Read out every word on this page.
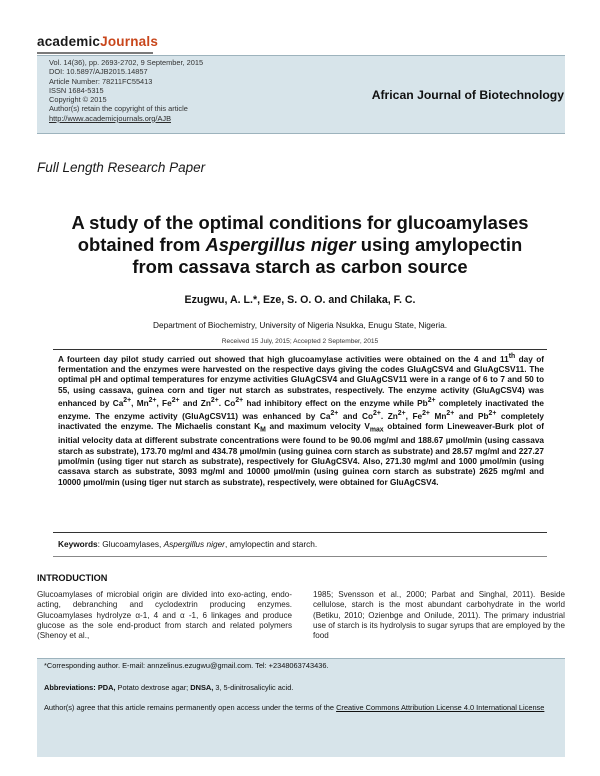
academicJournals
Vol. 14(36), pp. 2693-2702, 9 September, 2015
DOI: 10.5897/AJB2015.14857
Article Number: 78211FC55413
ISSN 1684-5315
Copyright © 2015
Author(s) retain the copyright of this article
http://www.academicjournals.org/AJB
African Journal of Biotechnology
Full Length Research Paper
A study of the optimal conditions for glucoamylases
obtained from Aspergillus niger using amylopectin
from cassava starch as carbon source
Ezugwu, A. L.*, Eze, S. O. O. and Chilaka, F. C.
Department of Biochemistry, University of Nigeria Nsukka, Enugu State, Nigeria.
Received 15 July, 2015; Accepted 2 September, 2015
A fourteen day pilot study carried out showed that high glucoamylase activities were obtained on the 4 and 11th day of fermentation and the enzymes were harvested on the respective days giving the codes GluAgCSV4 and GluAgCSV11. The optimal pH and optimal temperatures for enzyme activities GluAgCSV4 and GluAgCSV11 were in a range of 6 to 7 and 50 to 55, using cassava, guinea corn and tiger nut starch as substrates, respectively. The enzyme activity (GluAgCSV4) was enhanced by $Ca^{2+}$, $Mn^{2+}$, $Fe^{2+}$ and $Zn^{2+}$. $Co^{2+}$ had inhibitory effect on the enzyme while $Pb^{2+}$ completely inactivated the enzyme. The enzyme activity (GluAgCSV11) was enhanced by $Ca^{2+}$ and $Co^{2+}$. $Zn^{2+}$, $Fe^{2+}$ $Mn^{2+}$ and $Pb^{2+}$ completely inactivated the enzyme. The Michaelis constant $K_M$ and maximum velocity $V_{max}$ obtained form Lineweaver-Burk plot of initial velocity data at different substrate concentrations were found to be 90.06 mg/ml and 188.67 µmol/min (using cassava starch as substrate), 173.70 mg/ml and 434.78 µmol/min (using guinea corn starch as substrate) and 28.57 mg/ml and 227.27 µmol/min (using tiger nut starch as substrate), respectively for GluAgCSV4. Also, 271.30 mg/ml and 1000 µmol/min (using cassava starch as substrate, 3093 mg/ml and 10000 µmol/min (using guinea corn starch as substrate) 2625 mg/ml and 10000 µmol/min (using tiger nut starch as substrate), respectively, were obtained for GluAgCSV4.
Keywords: Glucoamylases, Aspergillus niger, amylopectin and starch.
INTRODUCTION
Glucoamylases of microbial origin are divided into exo-acting, endo-acting, debranching and cyclodextrin producing enzymes. Glucoamylases hydrolyze α-1, 4 and α -1, 6 linkages and produce glucose as the sole end-product from starch and related polymers (Shenoy et al.,
1985; Svensson et al., 2000; Parbat and Singhal, 2011). Beside cellulose, starch is the most abundant carbohydrate in the world (Betiku, 2010; Ozienbge and Onilude, 2011). The primary industrial use of starch is its hydrolysis to sugar syrups that are employed by the food
*Corresponding author. E-mail: annzelinus.ezugwu@gmail.com. Tel: +2348063743436.
Abbreviations: PDA, Potato dextrose agar; DNSA, 3, 5-dinitrosalicylic acid.
Author(s) agree that this article remains permanently open access under the terms of the Creative Commons Attribution License 4.0 International License
